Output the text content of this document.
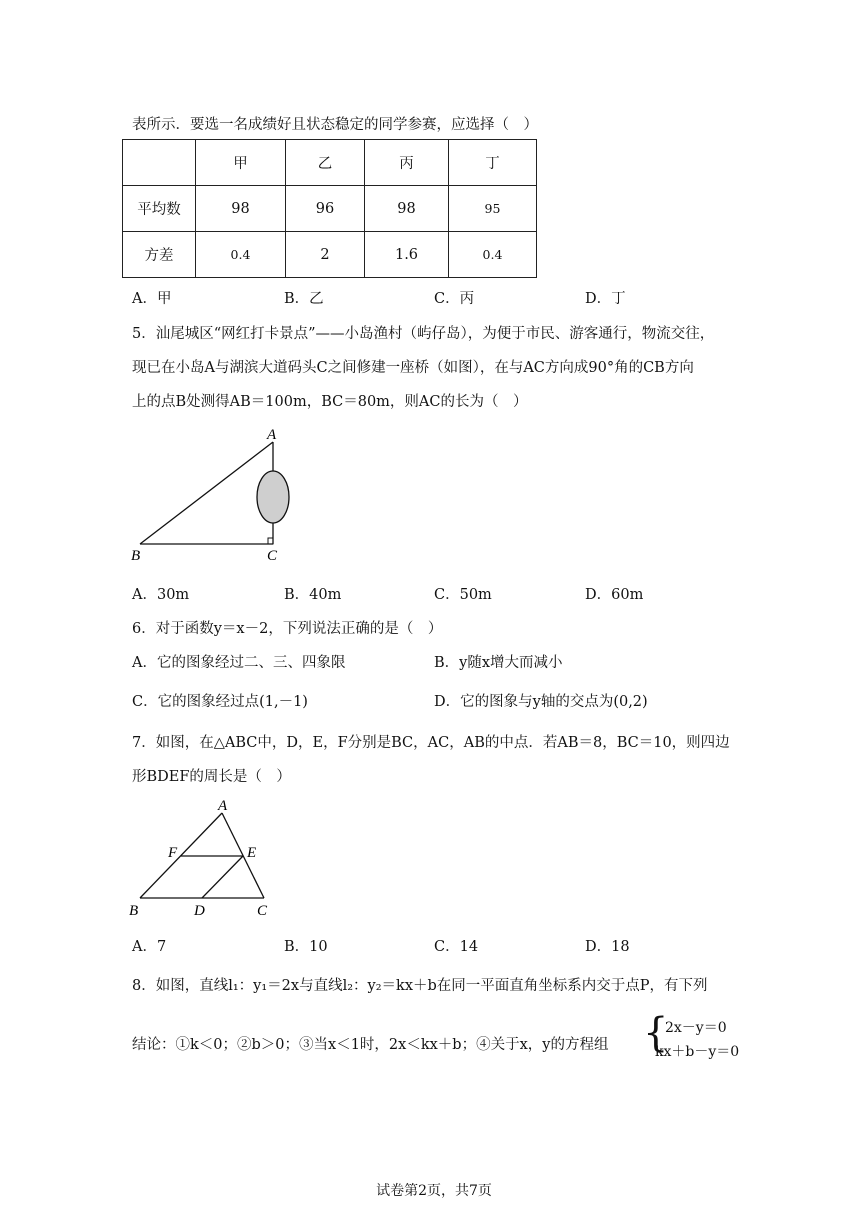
表所示．要选一名成绩好且状态稳定的同学参赛，应选择（　）
	甲	乙	丙	丁
平均数	98	96	98	95
方差	0.4	2	1.6	0.4
A．甲	B．乙	C．丙	D．丁
5．汕尾城区“网红打卡景点”——小岛渔村（屿仔岛），为便于市民、游客通行，物流交往，
现已在小岛A与湖滨大道码头C之间修建一座桥（如图），在与AC方向成90°角的CB方向
上的点B处测得AB＝100m，BC＝80m，则AC的长为（　）
A
B	C
A．30m	B．40m	C．50m	D．60m
6．对于函数y＝x－2，下列说法正确的是（　）
A．它的图象经过二、三、四象限	B．y随x增大而减小
C．它的图象经过点(1,－1)	D．它的图象与y轴的交点为(0,2)
7．如图，在△ABC中，D，E，F分别是BC，AC，AB的中点．若AB＝8，BC＝10，则四边
形BDEF的周长是（　）
A
B	C
D
E
F
A．7	B．10	C．14	D．18
8．如图，直线l₁：y₁＝2x与直线l₂：y₂＝kx＋b在同一平面直角坐标系内交于点P，有下列
结论：①k＜0；②b＞0；③当x＜1时，2x＜kx＋b；④关于x，y的方程组 {
2x－y＝0
kx＋b－y＝0
试卷第2页，共7页
